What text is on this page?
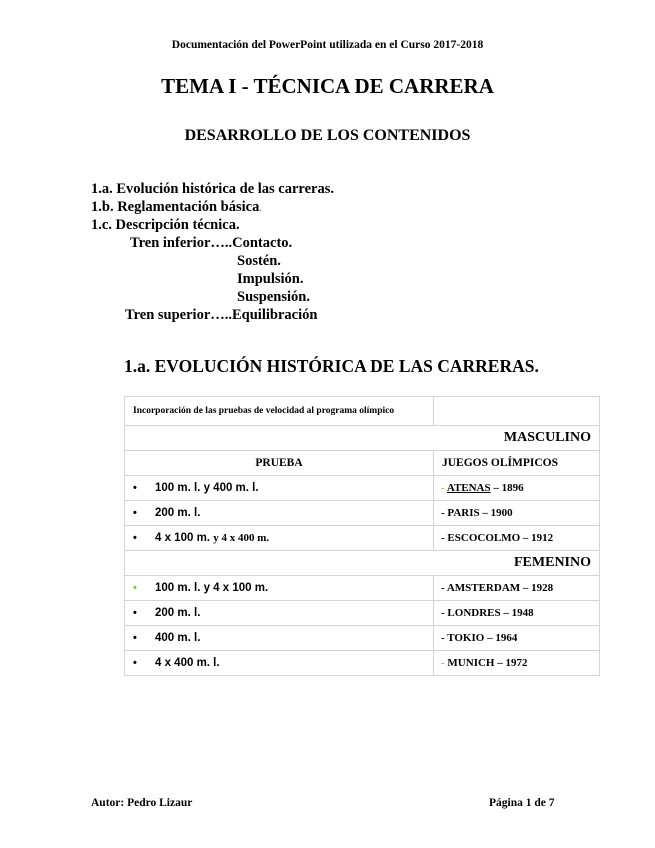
Documentación del PowerPoint utilizada en el Curso 2017-2018
TEMA I - TÉCNICA DE CARRERA
DESARROLLO DE LOS CONTENIDOS
1.a. Evolución histórica de las carreras.
1.b. Reglamentación básica.
1.c. Descripción técnica.
Tren inferior…..Contacto.
Sostén.
Impulsión.
Suspensión.
Tren superior…..Equilibración
1.a. EVOLUCIÓN HISTÓRICA DE LAS CARRERAS.
Incorporación de las pruebas de velocidad al programa olímpico	
MASCULINO	
PRUEBA	JUEGOS OLÍMPICOS
• 100 m. l. y 400 m. l.	- ATENAS – 1896
• 200 m. l.	- PARIS – 1900
• 4 x 100 m. y 4 x 400 m.	- ESCOCOLMO – 1912
FEMENINO	
• 100 m. l. y 4 x 100 m.	- AMSTERDAM – 1928
• 200 m. l.	- LONDRES – 1948
• 400 m. l.	- TOKIO – 1964
• 4 x 400 m. l.	- MUNICH – 1972
Autor: Pedro Lizaur	Página 1 de 7
